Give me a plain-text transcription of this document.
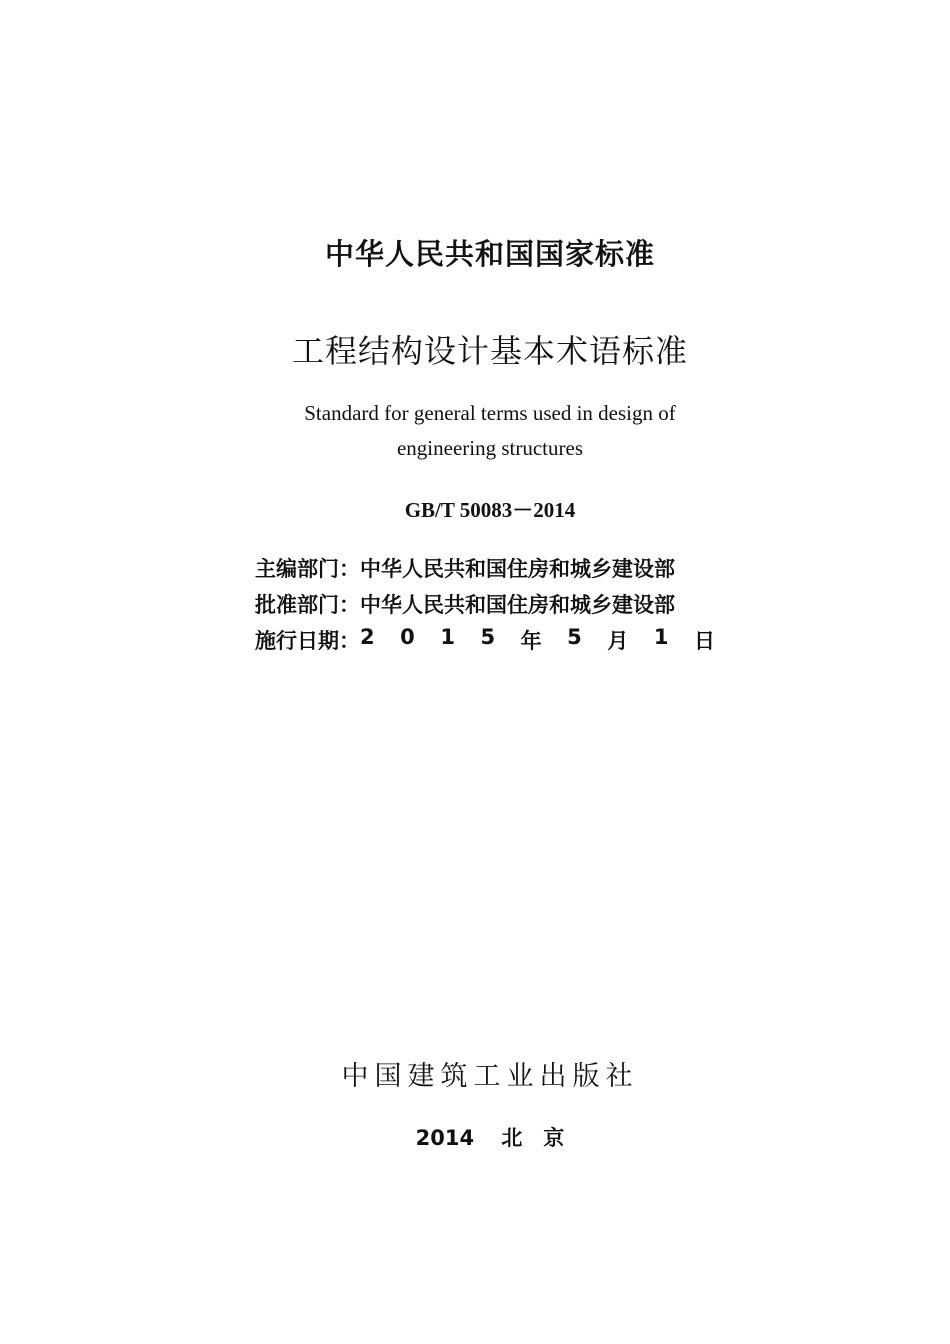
中华人民共和国国家标准
工程结构设计基本术语标准
Standard for general terms used in design of
engineering structures
GB/T 50083－2014
主编部门： 中华人民共和国住房和城乡建设部
批准部门： 中华人民共和国住房和城乡建设部
施行日期： 2 0 1 5 年 5 月 1 日
中国建筑工业出版社
2014 北　京
